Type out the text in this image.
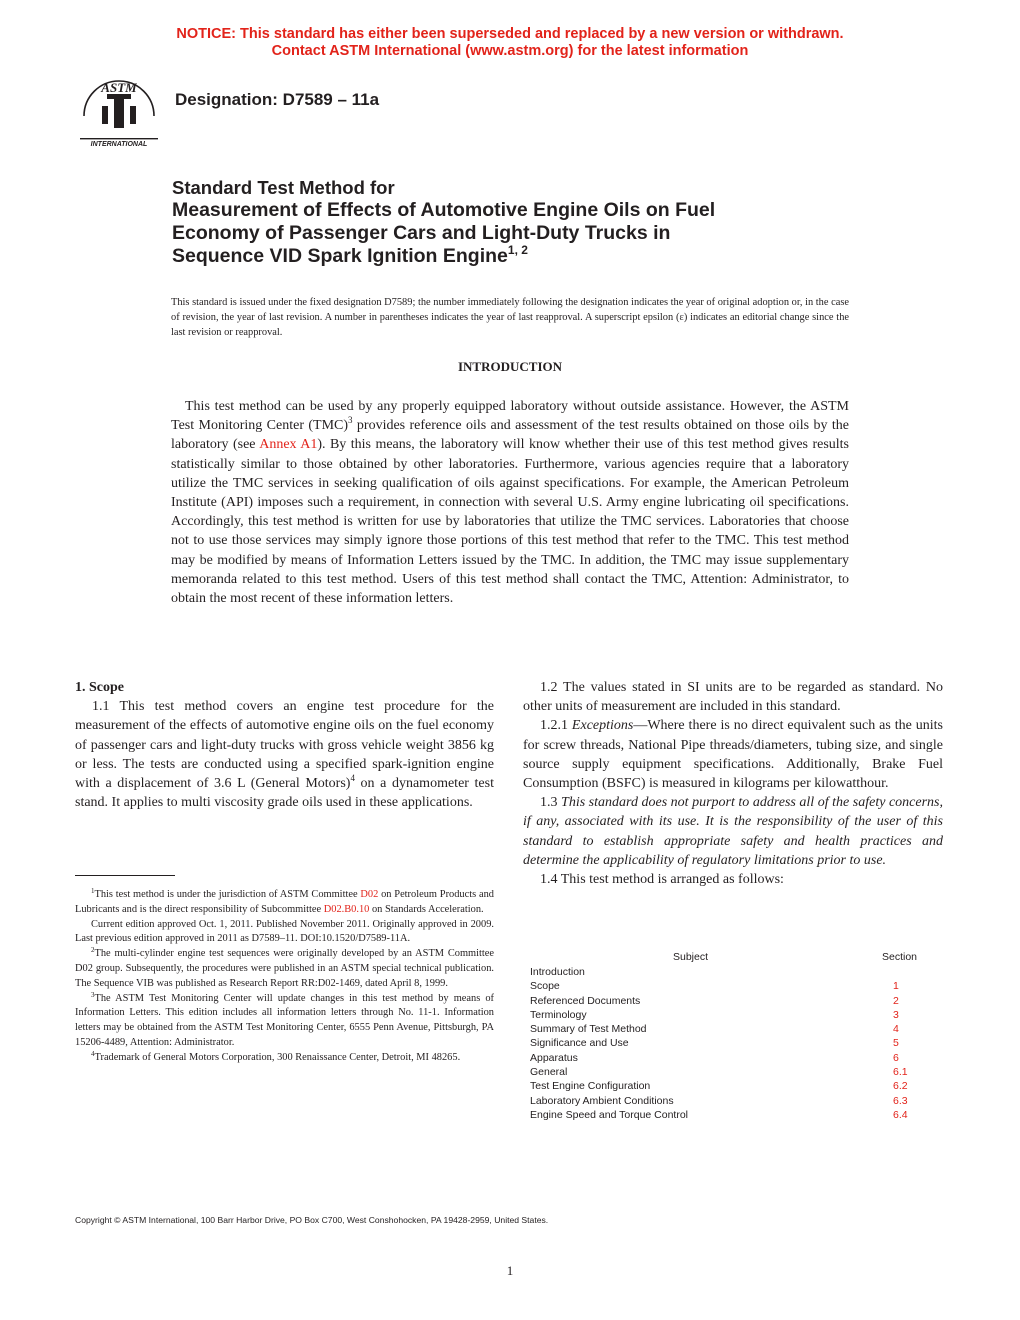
NOTICE: This standard has either been superseded and replaced by a new version or withdrawn.
Contact ASTM International (www.astm.org) for the latest information
ASTM
INTERNATIONAL
Designation: D7589 – 11a
Standard Test Method for
Measurement of Effects of Automotive Engine Oils on Fuel
Economy of Passenger Cars and Light-Duty Trucks in
Sequence VID Spark Ignition Engine$^{1, 2}$
This standard is issued under the fixed designation D7589; the number immediately following the designation indicates the year of original adoption or, in the case of revision, the year of last revision. A number in parentheses indicates the year of last reapproval. A superscript epsilon (ε) indicates an editorial change since the last revision or reapproval.
INTRODUCTION
This test method can be used by any properly equipped laboratory without outside assistance. However, the ASTM Test Monitoring Center (TMC)$^3$ provides reference oils and assessment of the test results obtained on those oils by the laboratory (see Annex A1). By this means, the laboratory will know whether their use of this test method gives results statistically similar to those obtained by other laboratories. Furthermore, various agencies require that a laboratory utilize the TMC services in seeking qualification of oils against specifications. For example, the American Petroleum Institute (API) imposes such a requirement, in connection with several U.S. Army engine lubricating oil specifications. Accordingly, this test method is written for use by laboratories that utilize the TMC services. Laboratories that choose not to use those services may simply ignore those portions of this test method that refer to the TMC. This test method may be modified by means of Information Letters issued by the TMC. In addition, the TMC may issue supplementary memoranda related to this test method. Users of this test method shall contact the TMC, Attention: Administrator, to obtain the most recent of these information letters.

1. Scope

1.1 This test method covers an engine test procedure for the measurement of the effects of automotive engine oils on the fuel economy of passenger cars and light-duty trucks with gross vehicle weight 3856 kg or less. The tests are conducted using a specified spark-ignition engine with a displacement of 3.6 L (General Motors)$^4$ on a dynamometer test stand. It applies to multi viscosity grade oils used in these applications.

1.2 The values stated in SI units are to be regarded as standard. No other units of measurement are included in this standard.

1.2.1 Exceptions—Where there is no direct equivalent such as the units for screw threads, National Pipe threads/diameters, tubing size, and single source supply equipment specifications. Additionally, Brake Fuel Consumption (BSFC) is measured in kilograms per kilowatthour.

1.3 This standard does not purport to address all of the safety concerns, if any, associated with its use. It is the responsibility of the user of this standard to establish appropriate safety and health practices and determine the applicability of regulatory limitations prior to use.

1.4 This test method is arranged as follows:

Subject	Section
Introduction
Scope	1
Referenced Documents	2
Terminology	3
Summary of Test Method	4
Significance and Use	5
Apparatus	6
General	6.1
Test Engine Configuration	6.2
Laboratory Ambient Conditions	6.3
Engine Speed and Torque Control	6.4

$^1$This test method is under the jurisdiction of ASTM Committee D02 on Petroleum Products and Lubricants and is the direct responsibility of Subcommittee D02.B0.10 on Standards Acceleration.

Current edition approved Oct. 1, 2011. Published November 2011. Originally approved in 2009. Last previous edition approved in 2011 as D7589–11. DOI:10.1520/D7589-11A.

$^2$The multi-cylinder engine test sequences were originally developed by an ASTM Committee D02 group. Subsequently, the procedures were published in an ASTM special technical publication. The Sequence VIB was published as Research Report RR:D02-1469, dated April 8, 1999.

$^3$The ASTM Test Monitoring Center will update changes in this test method by means of Information Letters. This edition includes all information letters through No. 11-1. Information letters may be obtained from the ASTM Test Monitoring Center, 6555 Penn Avenue, Pittsburgh, PA 15206-4489, Attention: Administrator.

$^4$Trademark of General Motors Corporation, 300 Renaissance Center, Detroit, MI 48265.

Copyright © ASTM International, 100 Barr Harbor Drive, PO Box C700, West Conshohocken, PA 19428-2959, United States.
1
